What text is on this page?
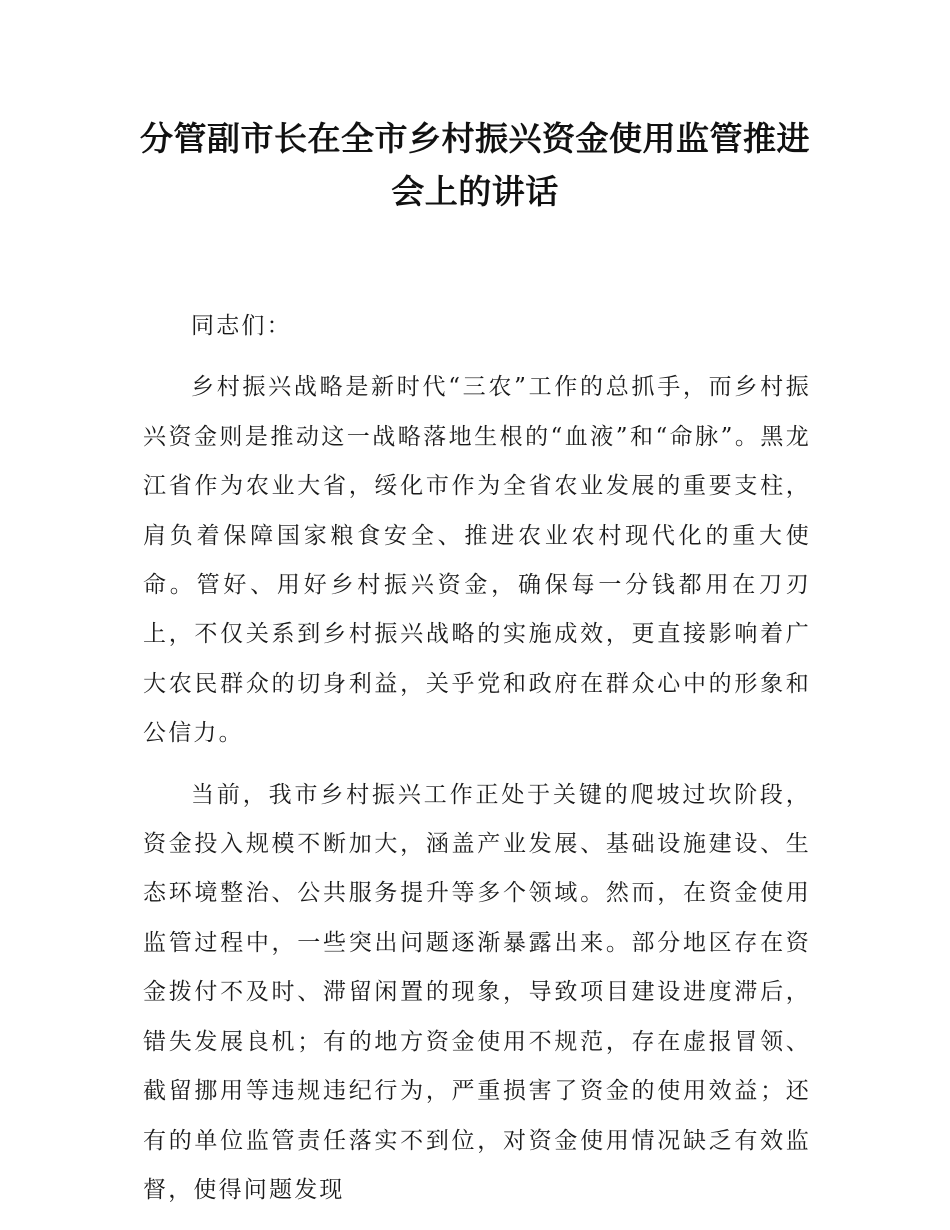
分管副市长在全市乡村振兴资金使用监管推进会上的讲话

同志们：

乡村振兴战略是新时代“三农”工作的总抓手，而乡村振兴资金则是推动这一战略落地生根的“血液”和“命脉”。黑龙江省作为农业大省，绥化市作为全省农业发展的重要支柱，肩负着保障国家粮食安全、推进农业农村现代化的重大使命。管好、用好乡村振兴资金，确保每一分钱都用在刀刃上，不仅关系到乡村振兴战略的实施成效，更直接影响着广大农民群众的切身利益，关乎党和政府在群众心中的形象和公信力。

当前，我市乡村振兴工作正处于关键的爬坡过坎阶段，资金投入规模不断加大，涵盖产业发展、基础设施建设、生态环境整治、公共服务提升等多个领域。然而，在资金使用监管过程中，一些突出问题逐渐暴露出来。部分地区存在资金拨付不及时、滞留闲置的现象，导致项目建设进度滞后，错失发展良机；有的地方资金使用不规范，存在虚报冒领、截留挪用等违规违纪行为，严重损害了资金的使用效益；还有的单位监管责任落实不到位，对资金使用情况缺乏有效监督，使得问题发现
